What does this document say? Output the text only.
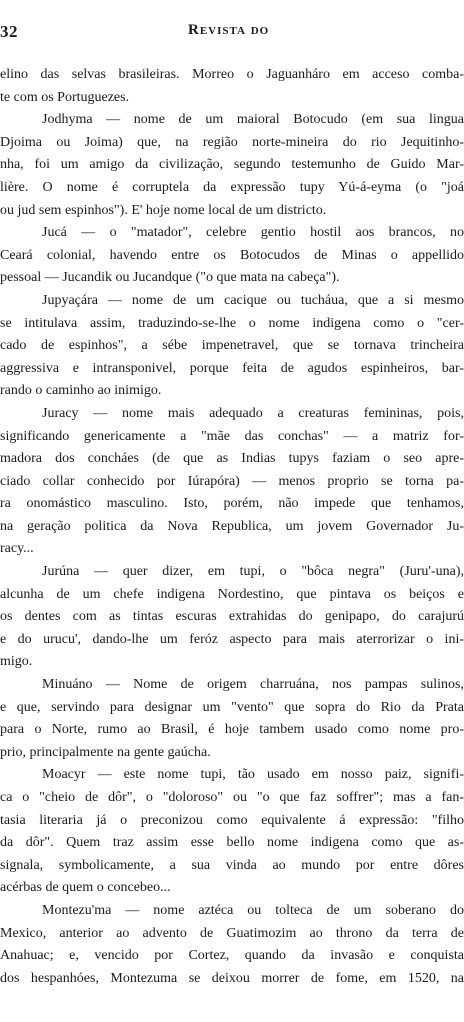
32	Revista do
elino das selvas brasileiras. Morreo o Jaguanháro em acceso comba-
te com os Portuguezes.
Jodhyma — nome de um maioral Botocudo (em sua lingua
Djoima ou Joima) que, na região norte-mineira do rio Jequitinho-
nha, foi um amigo da civilização, segundo testemunho de Guido Mar-
lière. O nome é corruptela da expressão tupy Yú-á-eyma (o "joá
ou jud sem espinhos"). E' hoje nome local de um districto.
Jucá — o "matador", celebre gentio hostil aos brancos, no
Ceará colonial, havendo entre os Botocudos de Minas o appellido
pessoal — Jucandik ou Jucandque ("o que mata na cabeça").
Jupyaçára — nome de um cacique ou tucháua, que a si mesmo
se intitulava assim, traduzindo-se-lhe o nome indigena como o "cer-
cado de espinhos", a sébe impenetravel, que se tornava trincheira
aggressiva e intransponivel, porque feita de agudos espinheiros, bar-
rando o caminho ao inimigo.
Juracy — nome mais adequado a creaturas femininas, pois,
significando genericamente a "mãe das conchas" — a matriz for-
madora dos concháes (de que as Indias tupys faziam o seo apre-
ciado collar conhecido por Iúrapóra) — menos proprio se torna pa-
ra onomástico masculino. Isto, porém, não impede que tenhamos,
na geração politica da Nova Republica, um jovem Governador Ju-
racy...
Jurúna — quer dizer, em tupi, o "bôca negra" (Juru'-una),
alcunha de um chefe indigena Nordestino, que pintava os beiços e
os dentes com as tintas escuras extrahidas do genipapo, do carajurú
e do urucu', dando-lhe um feróz aspecto para mais aterrorizar o ini-
migo.
Minuáno — Nome de origem charruána, nos pampas sulinos,
e que, servindo para designar um "vento" que sopra do Rio da Prata
para o Norte, rumo ao Brasil, é hoje tambem usado como nome pro-
prio, principalmente na gente gaúcha.
Moacyr — este nome tupi, tão usado em nosso paiz, signifi-
ca o "cheio de dôr", o "doloroso" ou "o que faz soffrer"; mas a fan-
tasia literaria já o preconizou como equivalente á expressão: "filho
da dôr". Quem traz assim esse bello nome indigena como que as-
signala, symbolicamente, a sua vinda ao mundo por entre dôres
acérbas de quem o concebeo...
Montezu'ma — nome aztéca ou tolteca de um soberano do
Mexico, anterior ao advento de Guatimozim ao throno da terra de
Anahuac; e, vencido por Cortez, quando da invasão e conquista
dos hespanhóes, Montezuma se deixou morrer de fome, em 1520, na
